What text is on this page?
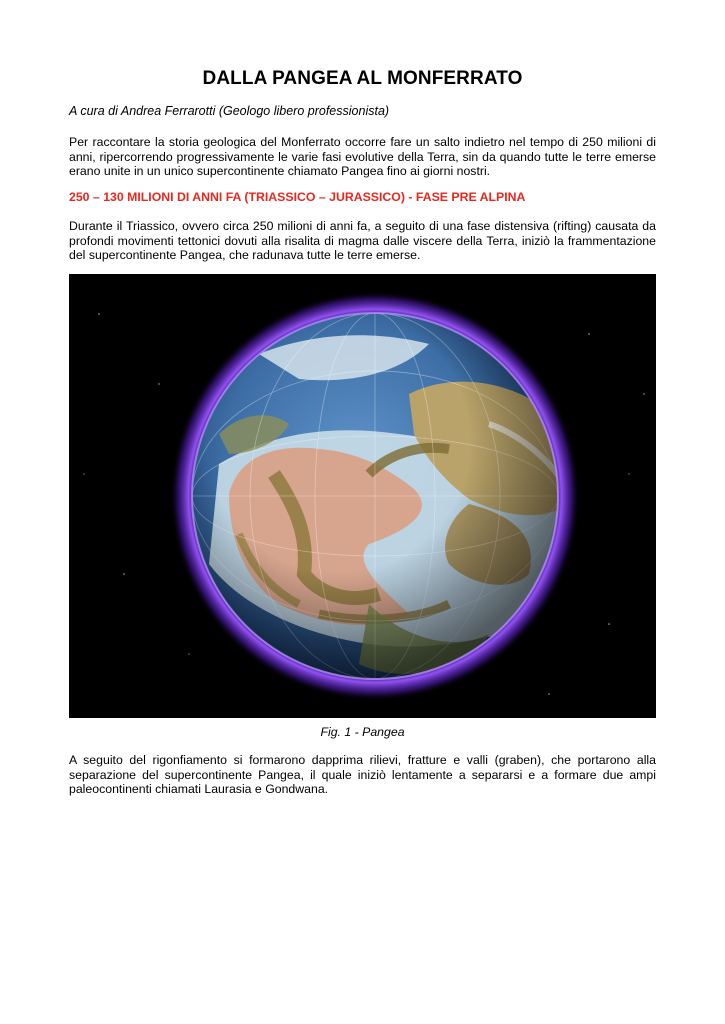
DALLA PANGEA AL MONFERRATO
A cura di Andrea Ferrarotti (Geologo libero professionista)
Per raccontare la storia geologica del Monferrato occorre fare un salto indietro nel tempo di 250 milioni di anni, ripercorrendo progressivamente le varie fasi evolutive della Terra, sin da quando tutte le terre emerse erano unite in un unico supercontinente chiamato Pangea fino ai giorni nostri.
250 – 130 MILIONI DI ANNI FA (TRIASSICO – JURASSICO) - FASE PRE ALPINA
Durante il Triassico, ovvero circa 250 milioni di anni fa, a seguito di una fase distensiva (rifting) causata da profondi movimenti tettonici dovuti alla risalita di magma dalle viscere della Terra, iniziò la frammentazione del supercontinente Pangea, che radunava tutte le terre emerse.
Fig. 1 - Pangea
A seguito del rigonfiamento si formarono dapprima rilievi, fratture e valli (graben), che portarono alla separazione del supercontinente Pangea, il quale iniziò lentamente a separarsi e a formare due ampi paleocontinenti chiamati Laurasia e Gondwana.
